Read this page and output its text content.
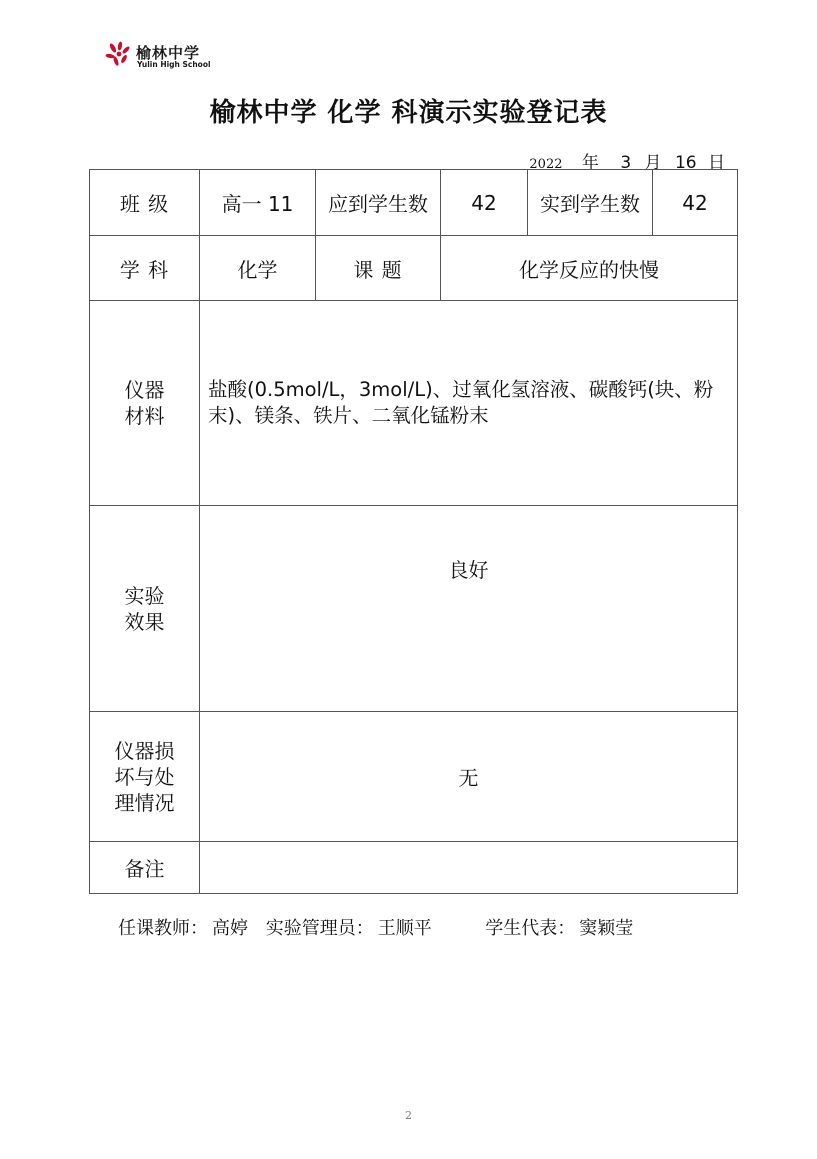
榆林中学
Yulin High School
榆林中学 化学 科演示实验登记表
2022 年 3 月 16 日
班 级	高一 11	应到学生数	42	实到学生数	42
学 科	化学	课 题	化学反应的快慢		

仪器材料	盐酸(0.5mol/L，3mol/L)、过氧化氢溶液、碳酸钙(块、粉末)、镁条、铁片、二氧化锰粉末				

实验效果	良好				

仪器损坏与处理情况	无				
备注					
任课教师： 高婷 实验管理员： 王顺平	学生代表： 窦颖莹
2
